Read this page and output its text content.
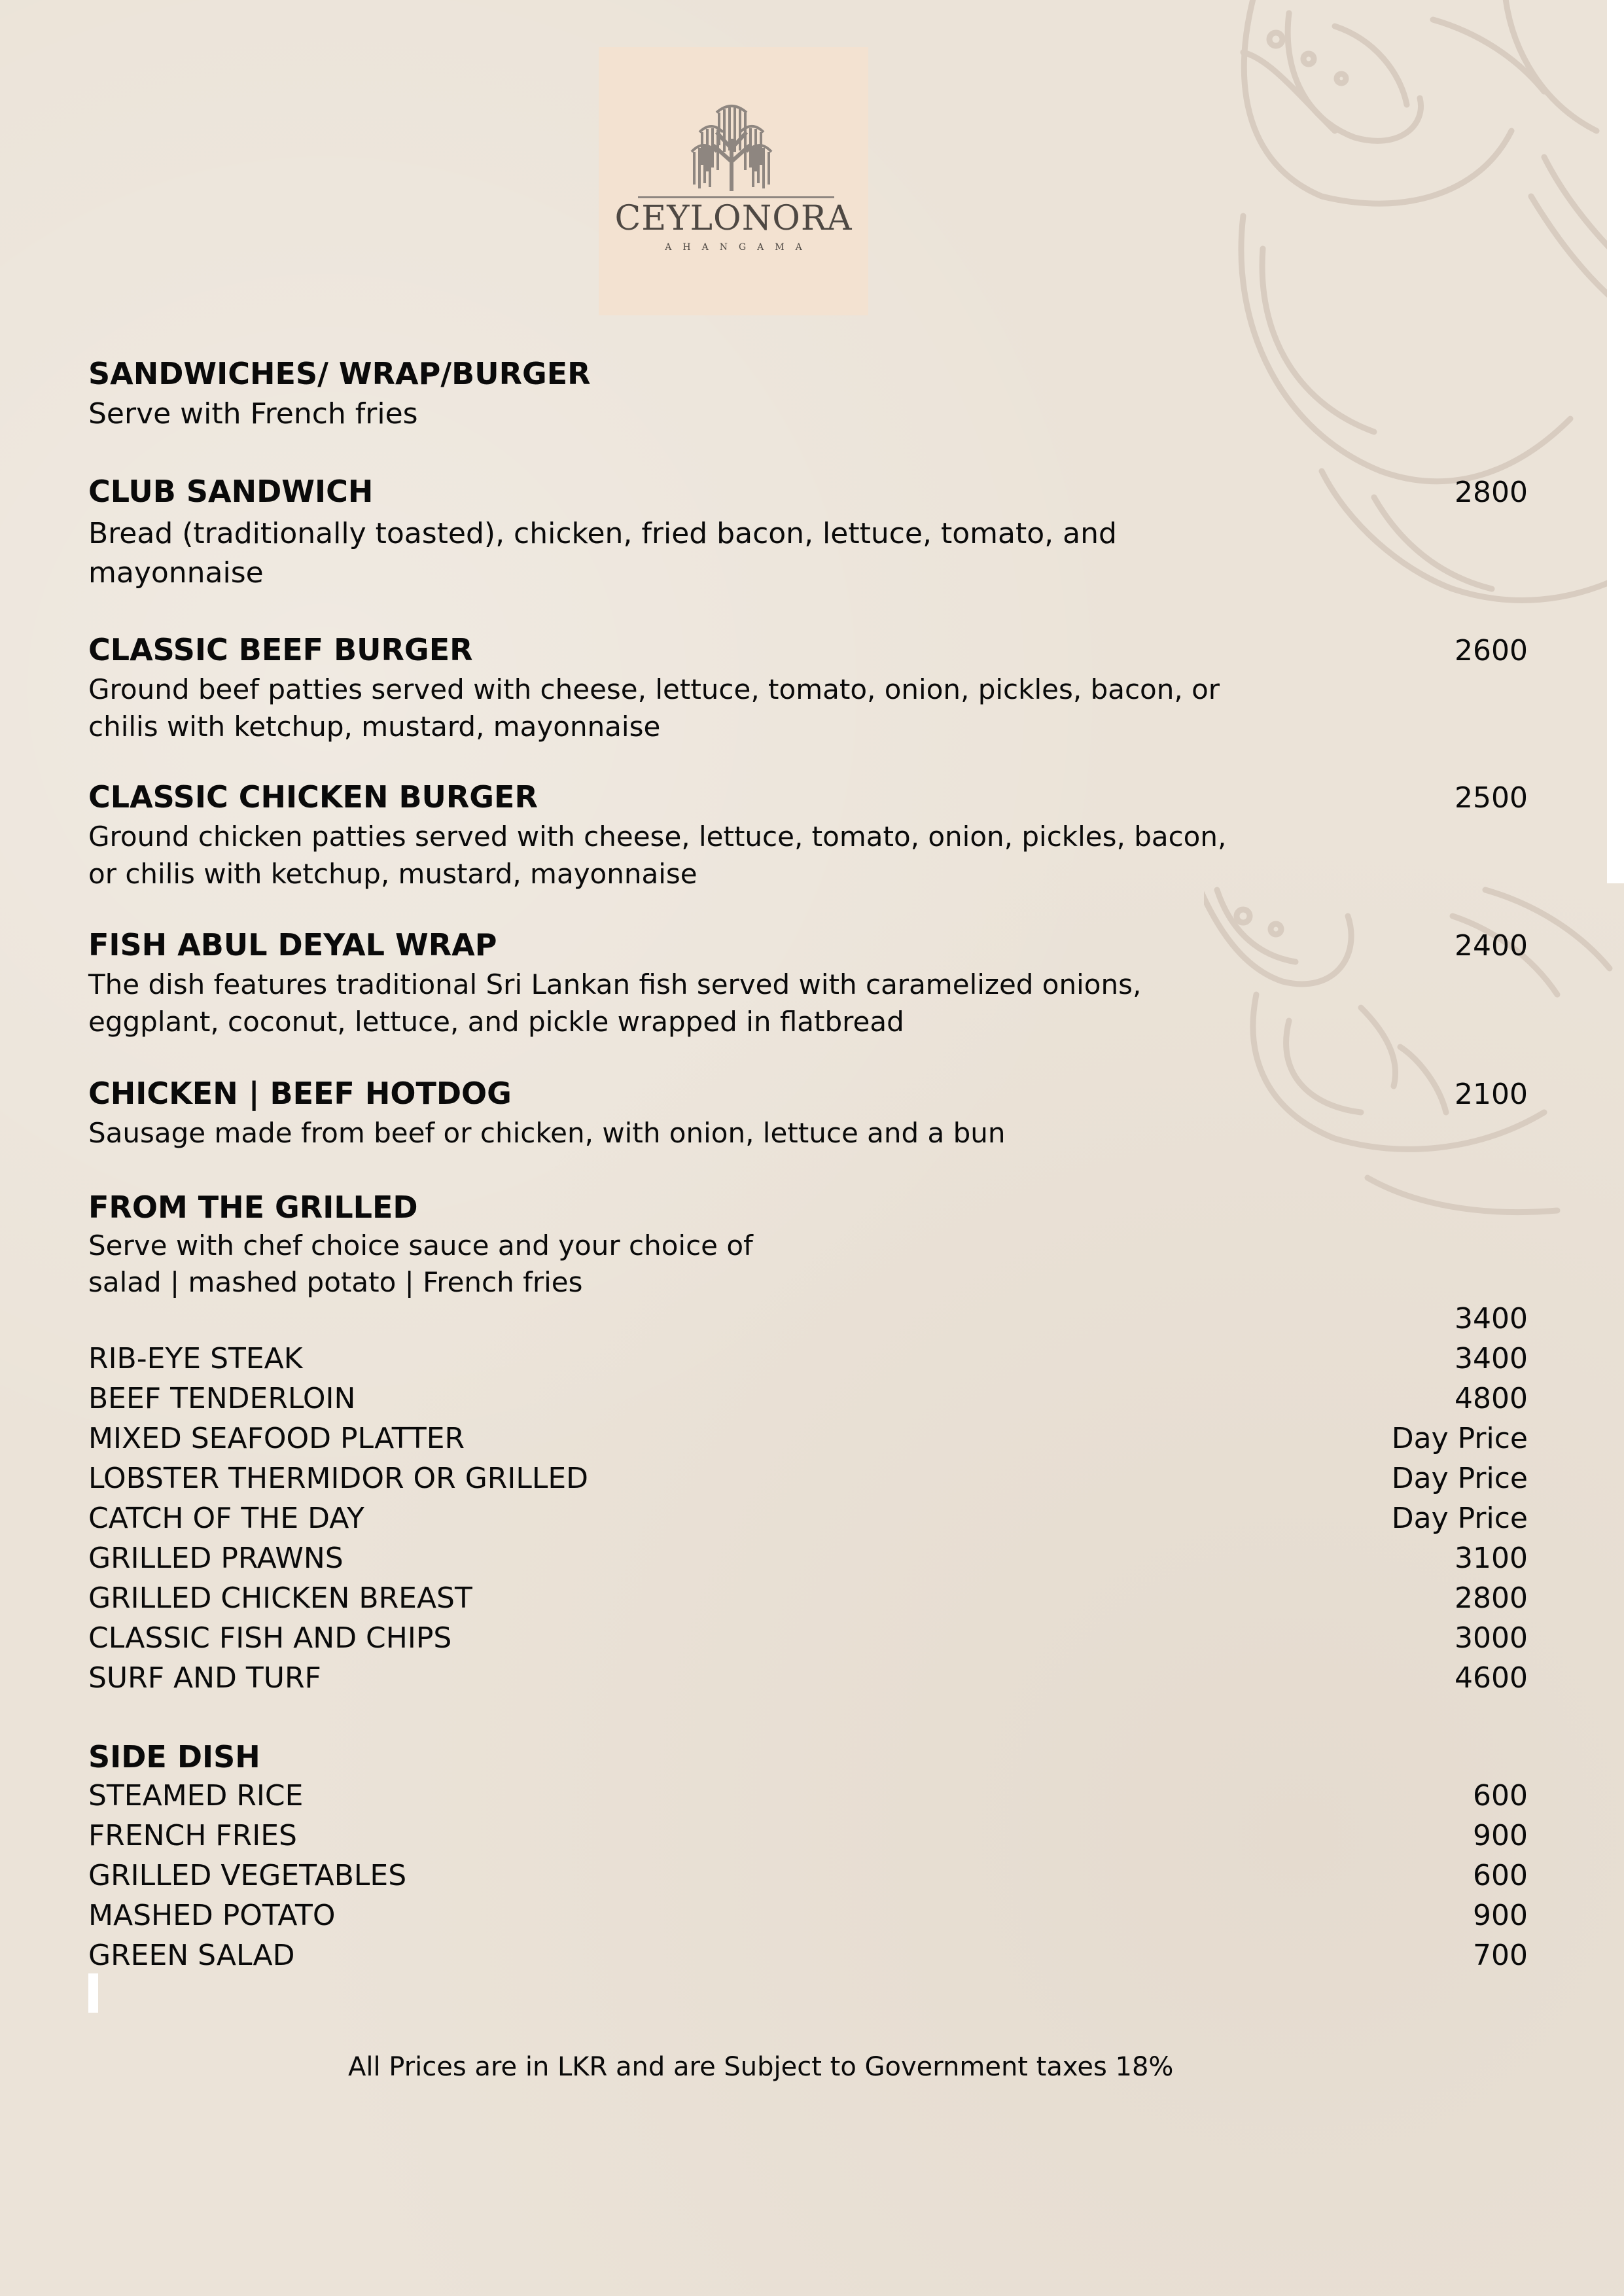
CEYLONORA
AHANGAMA
SANDWICHES/ WRAP/BURGER
Serve with French fries
CLUB SANDWICH	2800
Bread (traditionally toasted), chicken, fried bacon, lettuce, tomato, and mayonnaise
CLASSIC BEEF BURGER	2600
Ground beef patties served with cheese, lettuce, tomato, onion, pickles, bacon, or chilis with ketchup, mustard, mayonnaise
CLASSIC CHICKEN BURGER	2500
Ground chicken patties served with cheese, lettuce, tomato, onion, pickles, bacon, or chilis with ketchup, mustard, mayonnaise
FISH ABUL DEYAL WRAP	2400
The dish features traditional Sri Lankan fish served with caramelized onions, eggplant, coconut, lettuce, and pickle wrapped in flatbread
CHICKEN | BEEF HOTDOG	2100
Sausage made from beef or chicken, with onion, lettuce and a bun
FROM THE GRILLED
Serve with chef choice sauce and your choice of
salad | mashed potato | French fries
3400
RIB-EYE STEAK	3400
BEEF TENDERLOIN	4800
MIXED SEAFOOD PLATTER	Day Price
LOBSTER THERMIDOR OR GRILLED	Day Price
CATCH OF THE DAY	Day Price
GRILLED PRAWNS	3100
GRILLED CHICKEN BREAST	2800
CLASSIC FISH AND CHIPS	3000
SURF AND TURF	4600
SIDE DISH
STEAMED RICE	600
FRENCH FRIES	900
GRILLED VEGETABLES	600
MASHED POTATO	900
GREEN SALAD	700
All Prices are in LKR and are Subject to Government taxes 18%
